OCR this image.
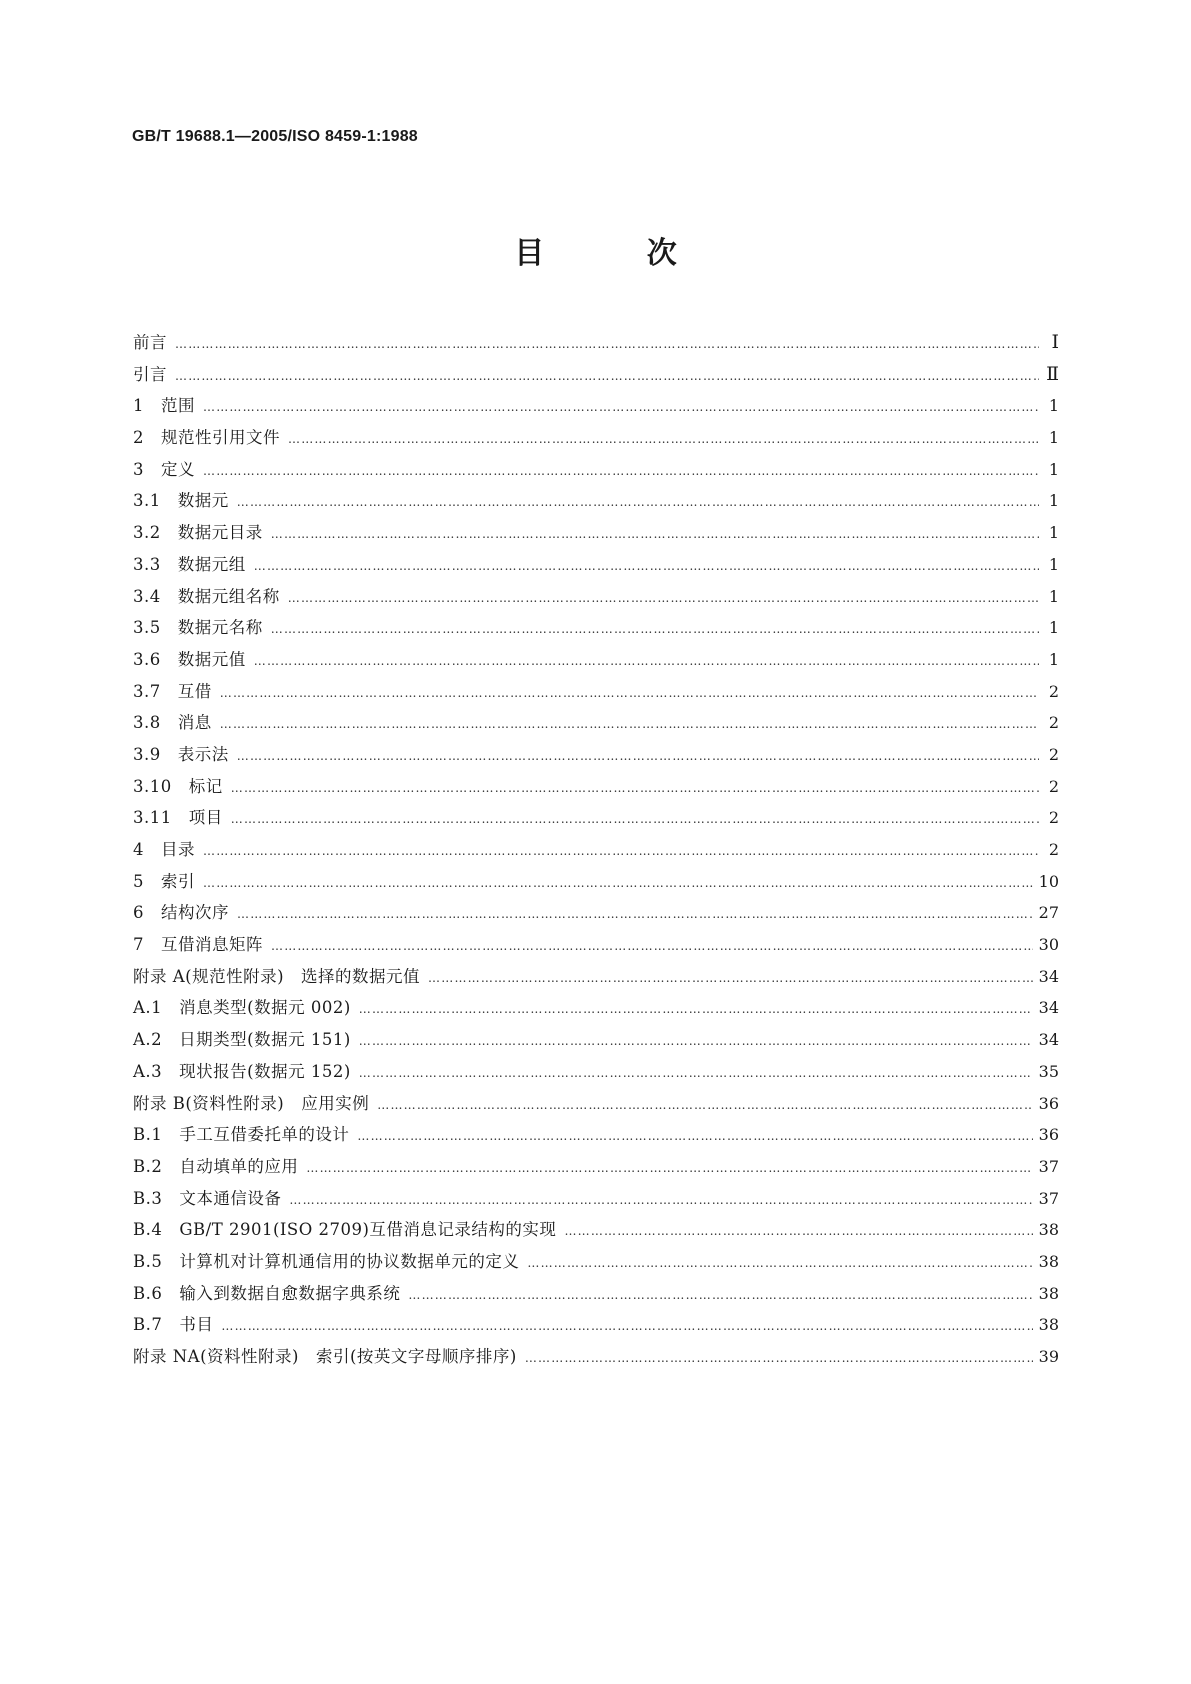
GB/T 19688.1—2005/ISO 8459-1:1988
目 次
前言 …………………………………………………………………………………………………………………………………………………………………………………………………………………	Ⅰ
引言 …………………………………………………………………………………………………………………………………………………………………………………………………………………	Ⅱ
1　范围 …………………………………………………………………………………………………………………………………………………………………………………………………………………	1
2　规范性引用文件 …………………………………………………………………………………………………………………………………………………………………………………………………………………	1
3　定义 …………………………………………………………………………………………………………………………………………………………………………………………………………………	1
3.1　数据元 …………………………………………………………………………………………………………………………………………………………………………………………………………………	1
3.2　数据元目录 …………………………………………………………………………………………………………………………………………………………………………………………………………………	1
3.3　数据元组 …………………………………………………………………………………………………………………………………………………………………………………………………………………	1
3.4　数据元组名称 …………………………………………………………………………………………………………………………………………………………………………………………………………………	1
3.5　数据元名称 …………………………………………………………………………………………………………………………………………………………………………………………………………………	1
3.6　数据元值 …………………………………………………………………………………………………………………………………………………………………………………………………………………	1
3.7　互借 …………………………………………………………………………………………………………………………………………………………………………………………………………………	2
3.8　消息 …………………………………………………………………………………………………………………………………………………………………………………………………………………	2
3.9　表示法 …………………………………………………………………………………………………………………………………………………………………………………………………………………	2
3.10　标记 …………………………………………………………………………………………………………………………………………………………………………………………………………………	2
3.11　项目 …………………………………………………………………………………………………………………………………………………………………………………………………………………	2
4　目录 …………………………………………………………………………………………………………………………………………………………………………………………………………………	2
5　索引 …………………………………………………………………………………………………………………………………………………………………………………………………………………	10
6　结构次序 …………………………………………………………………………………………………………………………………………………………………………………………………………………	27
7　互借消息矩阵 …………………………………………………………………………………………………………………………………………………………………………………………………………………	30
附录 A(规范性附录)　选择的数据元值 …………………………………………………………………………………………………………………………………………………………………………………………………………………	34
A.1　消息类型(数据元 002) …………………………………………………………………………………………………………………………………………………………………………………………………………………	34
A.2　日期类型(数据元 151) …………………………………………………………………………………………………………………………………………………………………………………………………………………	34
A.3　现状报告(数据元 152) …………………………………………………………………………………………………………………………………………………………………………………………………………………	35
附录 B(资料性附录)　应用实例 …………………………………………………………………………………………………………………………………………………………………………………………………………………	36
B.1　手工互借委托单的设计 …………………………………………………………………………………………………………………………………………………………………………………………………………………	36
B.2　自动填单的应用 …………………………………………………………………………………………………………………………………………………………………………………………………………………	37
B.3　文本通信设备 …………………………………………………………………………………………………………………………………………………………………………………………………………………	37
B.4　GB/T 2901(ISO 2709)互借消息记录结构的实现 …………………………………………………………………………………………………………………………………………………………………………………………………………………	38
B.5　计算机对计算机通信用的协议数据单元的定义 …………………………………………………………………………………………………………………………………………………………………………………………………………………	38
B.6　输入到数据自愈数据字典系统 …………………………………………………………………………………………………………………………………………………………………………………………………………………	38
B.7　书目 …………………………………………………………………………………………………………………………………………………………………………………………………………………	38
附录 NA(资料性附录)　索引(按英文字母顺序排序) …………………………………………………………………………………………………………………………………………………………………………………………………………………	39
